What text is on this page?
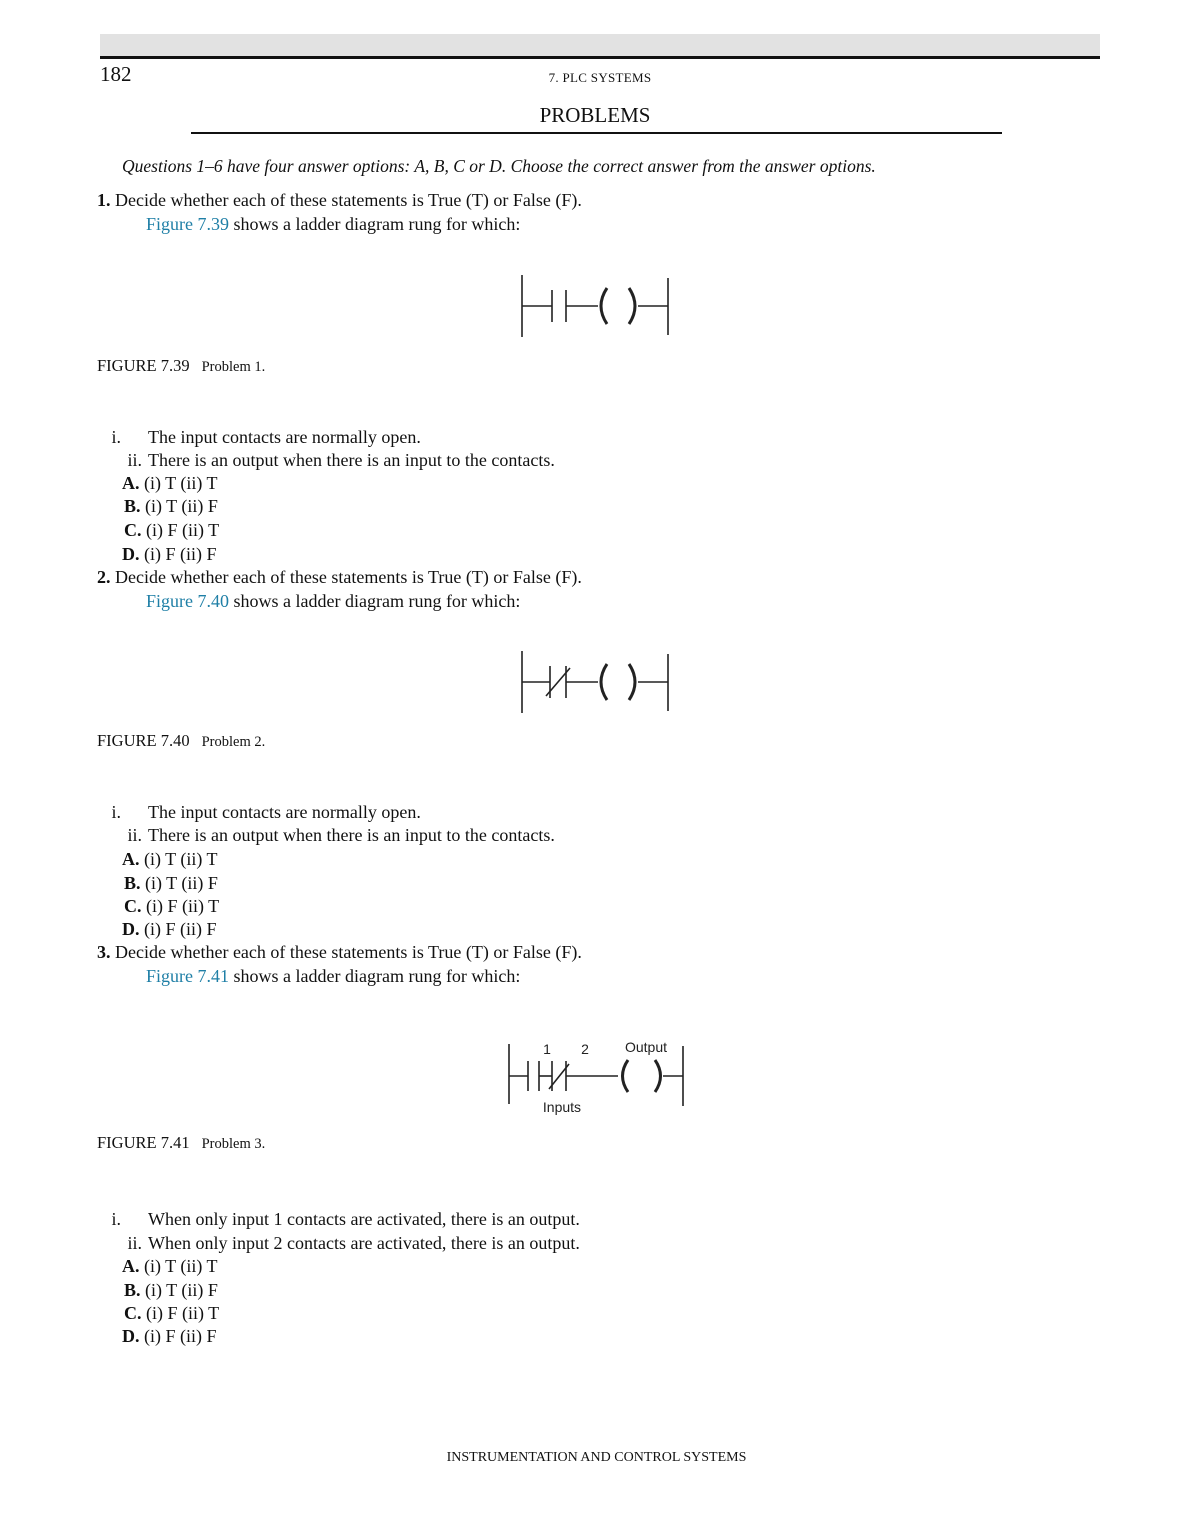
182	7. PLC SYSTEMS
PROBLEMS
Questions 1–6 have four answer options: A, B, C or D. Choose the correct answer from the answer options.
1. Decide whether each of these statements is True (T) or False (F).
Figure 7.39 shows a ladder diagram rung for which:
FIGURE 7.39 Problem 1.
i. The input contacts are normally open.
ii. There is an output when there is an input to the contacts.
A. (i) T (ii) T
B. (i) T (ii) F
C. (i) F (ii) T
D. (i) F (ii) F
2. Decide whether each of these statements is True (T) or False (F).
Figure 7.40 shows a ladder diagram rung for which:
FIGURE 7.40 Problem 2.
i. The input contacts are normally open.
ii. There is an output when there is an input to the contacts.
A. (i) T (ii) T
B. (i) T (ii) F
C. (i) F (ii) T
D. (i) F (ii) F
3. Decide whether each of these statements is True (T) or False (F).
Figure 7.41 shows a ladder diagram rung for which:
1 2	Output
Inputs
FIGURE 7.41 Problem 3.
i. When only input 1 contacts are activated, there is an output.
ii. When only input 2 contacts are activated, there is an output.
A. (i) T (ii) T
B. (i) T (ii) F
C. (i) F (ii) T
D. (i) F (ii) F
INSTRUMENTATION AND CONTROL SYSTEMS
